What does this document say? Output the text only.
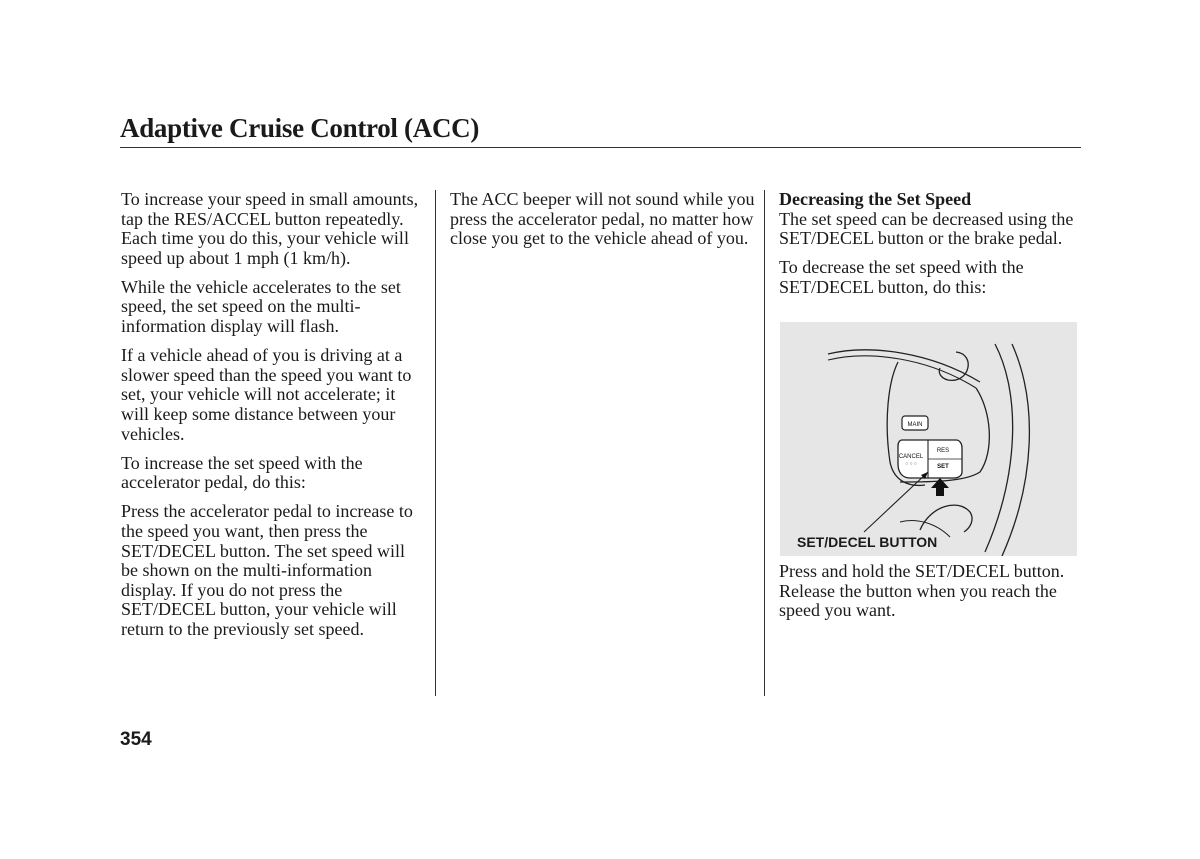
Adaptive Cruise Control (ACC)

To increase your speed in small amounts, tap the RES/ACCEL button repeatedly. Each time you do this, your vehicle will speed up about 1 mph (1 km/h).

While the vehicle accelerates to the set speed, the set speed on the multi-information display will flash.

If a vehicle ahead of you is driving at a slower speed than the speed you want to set, your vehicle will not accelerate; it will keep some distance between your vehicles.

To increase the set speed with the accelerator pedal, do this:

Press the accelerator pedal to increase to the speed you want, then press the SET/DECEL button. The set speed will be shown on the multi-information display. If you do not press the SET/DECEL button, your vehicle will return to the previously set speed.

The ACC beeper will not sound while you press the accelerator pedal, no matter how close you get to the vehicle ahead of you.

Decreasing the Set Speed
The set speed can be decreased using the SET/DECEL button or the brake pedal.

To decrease the set speed with the SET/DECEL button, do this:

MAIN
CANCEL
○ ○ ○
RES
SET
SET/DECEL BUTTON
Press and hold the SET/DECEL button. Release the button when you reach the speed you want.
354
